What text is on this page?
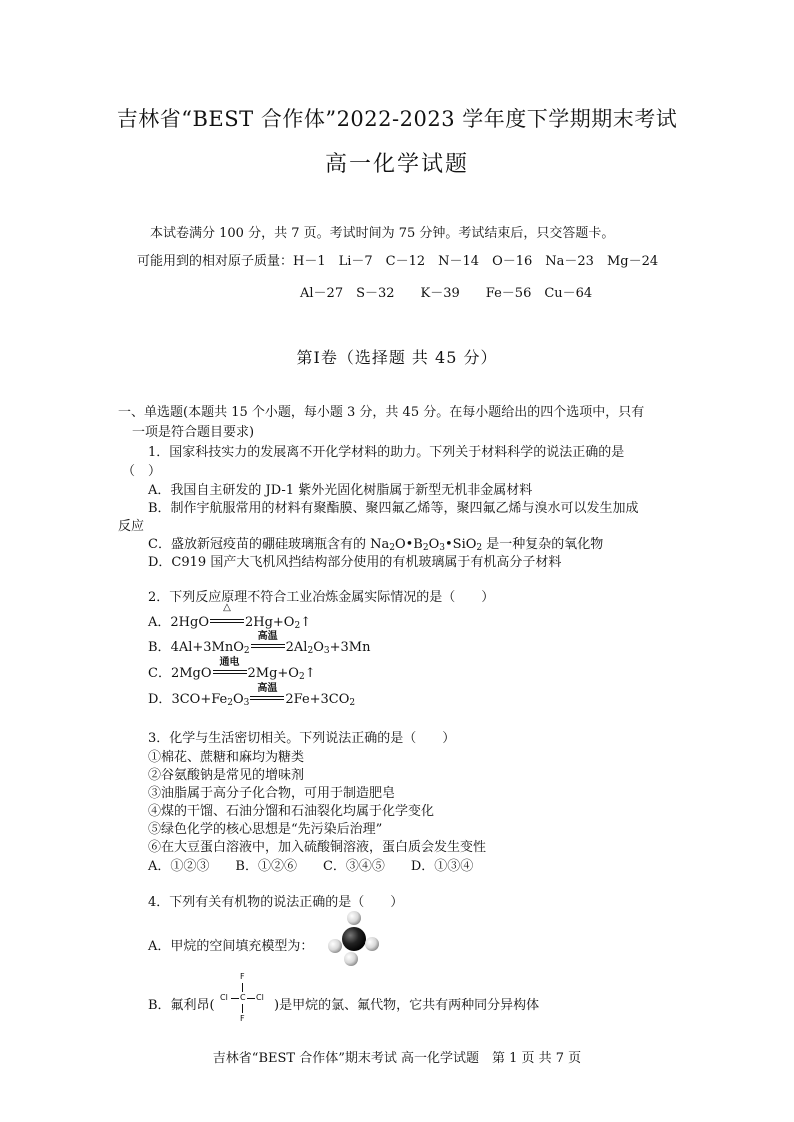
吉林省“BEST 合作体”2022-2023 学年度下学期期末考试
高一化学试题
本试卷满分 100 分，共 7 页。考试时间为 75 分钟。考试结束后，只交答题卡。
可能用到的相对原子质量：H－1　Li－7　C－12　N－14　O－16　Na－23　Mg－24
Al－27　S－32　　K－39　　Fe－56　Cu－64
第Ⅰ卷（选择题 共 45 分）
一、单选题(本题共 15 个小题，每小题 3 分，共 45 分。在每小题给出的四个选项中，只有
一项是符合题目要求)
1．国家科技实力的发展离不开化学材料的助力。下列关于材料科学的说法正确的是
（　）
A．我国自主研发的 JD-1 紫外光固化树脂属于新型无机非金属材料
B．制作宇航服常用的材料有聚酯膜、聚四氟乙烯等，聚四氟乙烯与溴水可以发生加成
反应
C．盛放新冠疫苗的硼硅玻璃瓶含有的 $Na_2O•B_2O_3•SiO_2$ 是一种复杂的氧化物
D．C919 国产大飞机风挡结构部分使用的有机玻璃属于有机高分子材料
2．下列反应原理不符合工业冶炼金属实际情况的是（　　）
A．2HgO
△
$2Hg+O_2↑$
B．4Al+3MnO$_2$
高温
$2Al_2O_3+3Mn$
C．2MgO
通电
$2Mg+O_2↑$
D．$3CO+Fe_2O_3$
高温
$2Fe+3CO_2$
3．化学与生活密切相关。下列说法正确的是（　　）
①棉花、蔗糖和麻均为糖类
②谷氨酸钠是常见的增味剂
③油脂属于高分子化合物，可用于制造肥皂
④煤的干馏、石油分馏和石油裂化均属于化学变化
⑤绿色化学的核心思想是“先污染后治理”
⑥在大豆蛋白溶液中，加入硫酸铜溶液，蛋白质会发生变性
A．①②③　　B．①②⑥　　C．③④⑤　　D．①③④
4．下列有关有机物的说法正确的是（　　）
A．甲烷的空间填充模型为：
B．氟利昂(
F
Cl C Cl
F
)是甲烷的氯、氟代物，它共有两种同分异构体
吉林省“BEST 合作体”期末考试 高一化学试题　第 1 页 共 7 页
